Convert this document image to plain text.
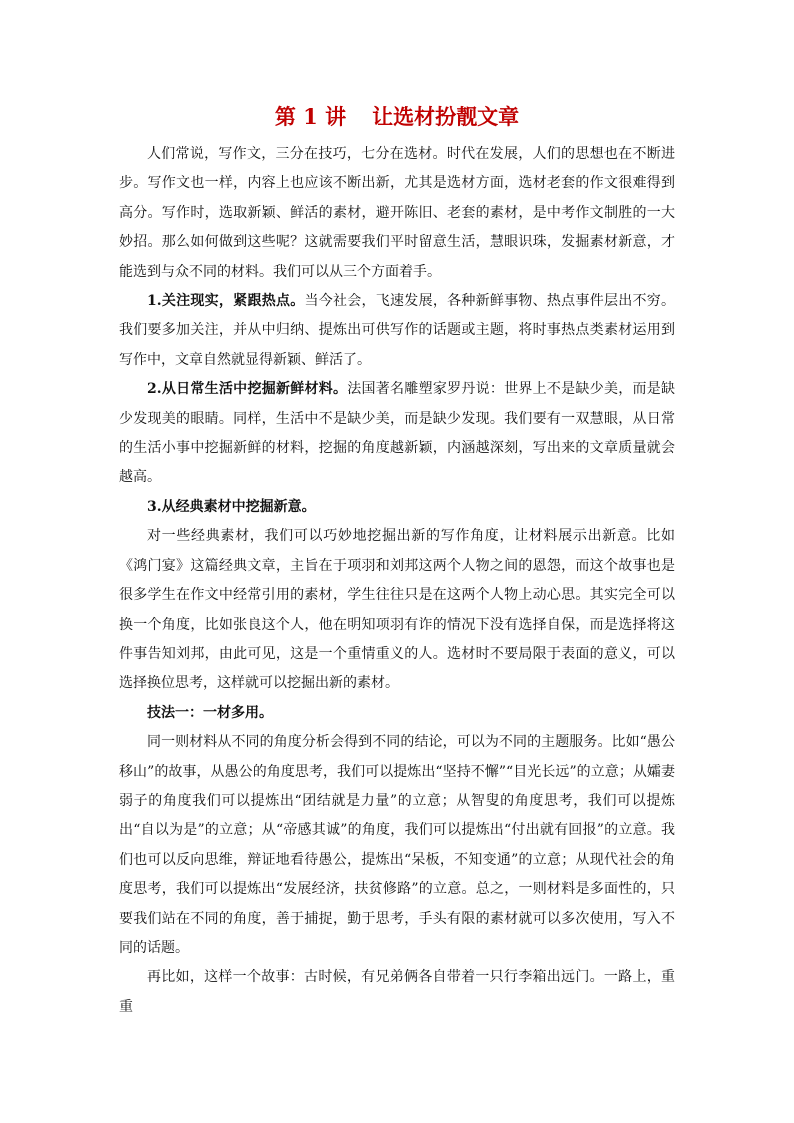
第 1 讲 让选材扮靓文章

人们常说，写作文，三分在技巧，七分在选材。时代在发展，人们的思想也在不断进步。写作文也一样，内容上也应该不断出新，尤其是选材方面，选材老套的作文很难得到高分。写作时，选取新颖、鲜活的素材，避开陈旧、老套的素材，是中考作文制胜的一大妙招。那么如何做到这些呢？这就需要我们平时留意生活，慧眼识珠，发掘素材新意，才能选到与众不同的材料。我们可以从三个方面着手。

1.关注现实，紧跟热点。当今社会，飞速发展，各种新鲜事物、热点事件层出不穷。我们要多加关注，并从中归纳、提炼出可供写作的话题或主题，将时事热点类素材运用到写作中，文章自然就显得新颖、鲜活了。

2.从日常生活中挖掘新鲜材料。法国著名雕塑家罗丹说：世界上不是缺少美，而是缺少发现美的眼睛。同样，生活中不是缺少美，而是缺少发现。我们要有一双慧眼，从日常的生活小事中挖掘新鲜的材料，挖掘的角度越新颖，内涵越深刻，写出来的文章质量就会越高。

3.从经典素材中挖掘新意。

对一些经典素材，我们可以巧妙地挖掘出新的写作角度，让材料展示出新意。比如《鸿门宴》这篇经典文章，主旨在于项羽和刘邦这两个人物之间的恩怨，而这个故事也是很多学生在作文中经常引用的素材，学生往往只是在这两个人物上动心思。其实完全可以换一个角度，比如张良这个人，他在明知项羽有诈的情况下没有选择自保，而是选择将这件事告知刘邦，由此可见，这是一个重情重义的人。选材时不要局限于表面的意义，可以选择换位思考，这样就可以挖掘出新的素材。

技法一：一材多用。

同一则材料从不同的角度分析会得到不同的结论，可以为不同的主题服务。比如“愚公移山”的故事，从愚公的角度思考，我们可以提炼出“坚持不懈”“目光长远”的立意；从孀妻弱子的角度我们可以提炼出“团结就是力量”的立意；从智叟的角度思考，我们可以提炼出“自以为是”的立意；从“帝感其诚”的角度，我们可以提炼出“付出就有回报”的立意。我们也可以反向思维，辩证地看待愚公，提炼出“呆板，不知变通”的立意；从现代社会的角度思考，我们可以提炼出“发展经济，扶贫修路”的立意。总之，一则材料是多面性的，只要我们站在不同的角度，善于捕捉，勤于思考，手头有限的素材就可以多次使用，写入不同的话题。

再比如，这样一个故事：古时候，有兄弟俩各自带着一只行李箱出远门。一路上，重重
